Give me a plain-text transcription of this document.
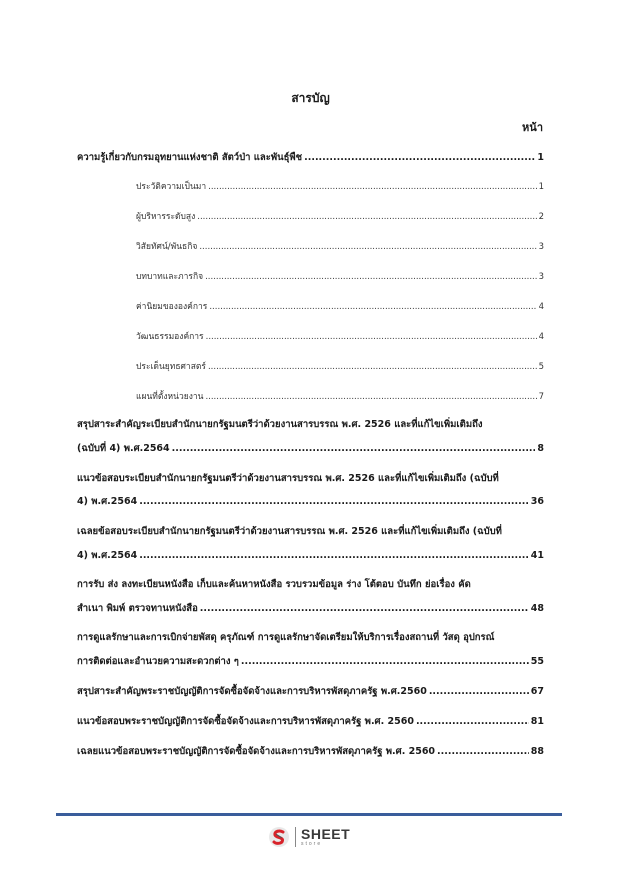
สารบัญ
หน้า
ความรู้เกี่ยวกับกรมอุทยานแห่งชาติ สัตว์ป่า และพันธุ์พืช .....	1
ประวัติความเป็นมา .....	1
ผู้บริหารระดับสูง .....	2
วิสัยทัศน์/พันธกิจ .....	3
บทบาทและภารกิจ .....	3
ค่านิยมขององค์การ .....	4
วัฒนธรรมองค์การ .....	4
ประเด็นยุทธศาสตร์ .....	5
แผนที่ตั้งหน่วยงาน .....	7
สรุปสาระสำคัญระเบียบสำนักนายกรัฐมนตรีว่าด้วยงานสารบรรณ พ.ศ. 2526 และที่แก้ไขเพิ่มเติมถึง
(ฉบับที่ 4) พ.ศ.2564 .....	8
แนวข้อสอบระเบียบสำนักนายกรัฐมนตรีว่าด้วยงานสารบรรณ พ.ศ. 2526 และที่แก้ไขเพิ่มเติมถึง (ฉบับที่
4) พ.ศ.2564 .....	36
เฉลยข้อสอบระเบียบสำนักนายกรัฐมนตรีว่าด้วยงานสารบรรณ พ.ศ. 2526 และที่แก้ไขเพิ่มเติมถึง (ฉบับที่
4) พ.ศ.2564 .....	41
การรับ ส่ง ลงทะเบียนหนังสือ เก็บและค้นหาหนังสือ รวบรวมข้อมูล ร่าง โต้ตอบ บันทึก ย่อเรื่อง คัด
สำเนา พิมพ์ ตรวจทานหนังสือ .....	48
การดูแลรักษาและการเบิกจ่ายพัสดุ ครุภัณฑ์ การดูแลรักษาจัดเตรียมให้บริการเรื่องสถานที่ วัสดุ อุปกรณ์
การติดต่อและอำนวยความสะดวกต่าง ๆ .....	55
สรุปสาระสำคัญพระราชบัญญัติการจัดซื้อจัดจ้างและการบริหารพัสดุภาครัฐ พ.ศ.2560 .....	67
แนวข้อสอบพระราชบัญญัติการจัดซื้อจัดจ้างและการบริหารพัสดุภาครัฐ พ.ศ. 2560 .....	81
เฉลยแนวข้อสอบพระราชบัญญัติการจัดซื้อจัดจ้างและการบริหารพัสดุภาครัฐ พ.ศ. 2560 .....	88
SHEET
store
